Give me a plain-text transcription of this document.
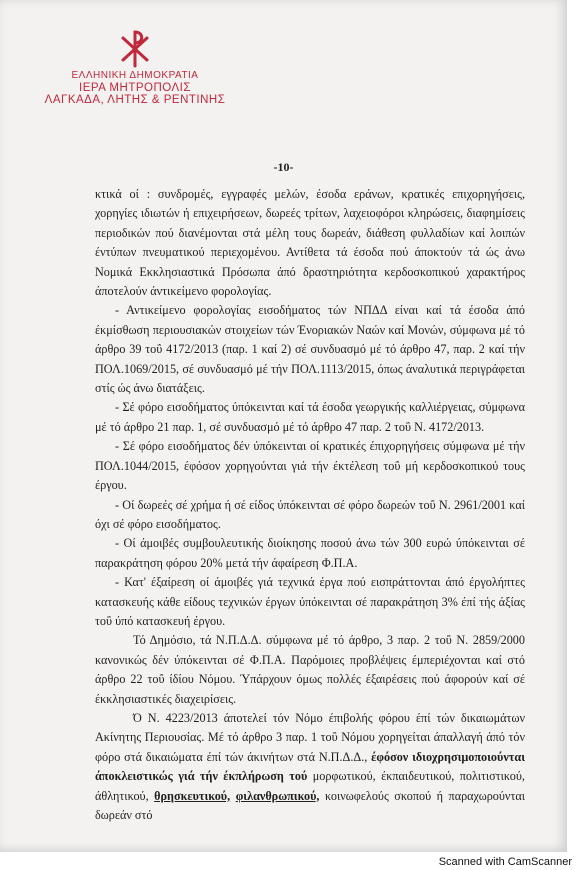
ΕΛΛΗΝΙΚΗ ΔΗΜΟΚΡΑΤΙΑ
ΙΕΡΑ ΜΗΤΡΟΠΟΛΙΣ
ΛΑΓΚΑΔΑ, ΛΗΤΗΣ & ΡΕΝΤΙΝΗΣ
-10-

κτικά οί : συνδρομές, εγγραφές μελών, έσοδα εράνων, κρατικές επιχορηγήσεις, χορηγίες ιδιωτών ή επιχειρήσεων, δωρεές τρίτων, λαχειοφόροι κληρώσεις, διαφημίσεις περιοδικών πού διανέμονται στά μέλη τους δωρεάν, διάθεση φυλλαδίων καί λοιπών έντύπων πνευματικού περιεχομένου. Αντίθετα τά έσοδα πού άποκτούν τά ώς άνω Νομικά Εκκλησιαστικά Πρόσωπα άπό δραστηριότητα κερδοσκοπικού χαρακτήρος άποτελούν άντικείμενο φορολογίας.

- Αντικείμενο φορολογίας εισοδήματος τών ΝΠΔΔ είναι καί τά έσοδα άπό έκμίσθωση περιουσιακών στοιχείων τών Ένοριακών Ναών καί Μονών, σύμφωνα μέ τό άρθρο 39 τοΰ 4172/2013 (παρ. 1 καί 2) σέ συνδυασμό μέ τό άρθρο 47, παρ. 2 καί τήν ΠΟΛ.1069/2015, σέ συνδυασμό μέ τήν ΠΟΛ.1113/2015, όπως άναλυτικά περιγράφεται στίς ώς άνω διατάξεις.

- Σέ φόρο εισοδήματος ύπόκεινται καί τά έσοδα γεωργικής καλλιέργειας, σύμφωνα μέ τό άρθρο 21 παρ. 1, σέ συνδυασμό μέ τό άρθρο 47 παρ. 2 τοΰ Ν. 4172/2013.

- Σέ φόρο εισοδήματος δέν ύπόκεινται οί κρατικές έπιχορηγήσεις σύμφωνα μέ τήν ΠΟΛ.1044/2015, έφόσον χορηγούνται γιά τήν έκτέλεση τοΰ μή κερδοσκοπικού τους έργου.

- Οί δωρεές σέ χρήμα ή σέ είδος ύπόκεινται σέ φόρο δωρεών τοΰ Ν. 2961/2001 καί όχι σέ φόρο εισοδήματος.

- Οί άμοιβές συμβουλευτικής διοίκησης ποσού άνω τών 300 ευρώ ύπόκεινται σέ παρακράτηση φόρου 20% μετά τήν άφαίρεση Φ.Π.Α.

- Κατ' έξαίρεση οί άμοιβές γιά τεχνικά έργα πού εισπράττονται άπό έργολήπτες κατασκευής κάθε είδους τεχνικών έργων ύπόκεινται σέ παρακράτηση 3% έπί τής άξίας τοΰ ύπό κατασκευή έργου.

Τό Δημόσιο, τά Ν.Π.Δ.Δ. σύμφωνα μέ τό άρθρο, 3 παρ. 2 τοΰ Ν. 2859/2000 κανονικώς δέν ύπόκεινται σέ Φ.Π.Α. Παρόμοιες προβλέψεις έμπεριέχονται καί στό άρθρο 22 τοΰ ίδίου Νόμου. Ύπάρχουν όμως πολλές έξαιρέσεις πού άφορούν καί σέ έκκλησιαστικές διαχειρίσεις.

Ό Ν. 4223/2013 άποτελεί τόν Νόμο έπιβολής φόρου έπί τών δικαιωμάτων Ακίνητης Περιουσίας. Μέ τό άρθρο 3 παρ. 1 τοΰ Νόμου χορηγείται άπαλλαγή άπό τόν φόρο στά δικαιώματα έπί τών άκινήτων στά Ν.Π.Δ.Δ., έφόσον ιδιοχρησιμοποιούνται άποκλειστικώς γιά τήν έκπλήρωση τού μορφωτικού, έκπαιδευτικού, πολιτιστικού, άθλητικού, θρησκευτικού, φιλανθρωπικού, κοινωφελούς σκοπού ή παραχωρούνται δωρεάν στό

Scanned with CamScanner
